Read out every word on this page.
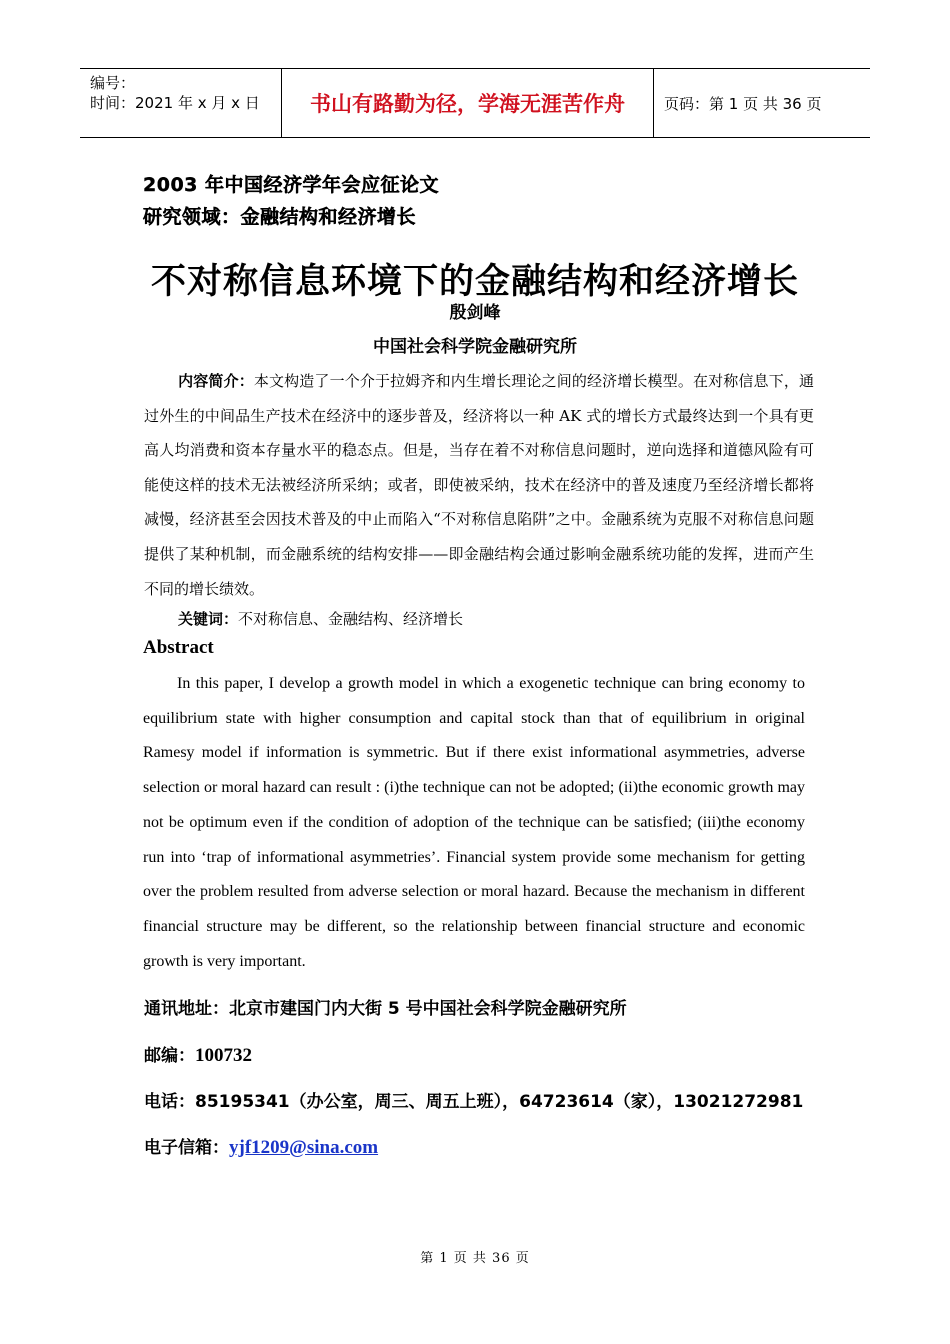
编号：
时间：2021 年 x 月 x 日	书山有路勤为径，学海无涯苦作舟	页码：第 1 页 共 36 页
2003 年中国经济学年会应征论文
研究领域：金融结构和经济增长
不对称信息环境下的金融结构和经济增长
殷剑峰
中国社会科学院金融研究所
内容简介：本文构造了一个介于拉姆齐和内生增长理论之间的经济增长模型。在对称信息下，通过外生的中间品生产技术在经济中的逐步普及，经济将以一种 AK 式的增长方式最终达到一个具有更高人均消费和资本存量水平的稳态点。但是，当存在着不对称信息问题时，逆向选择和道德风险有可能使这样的技术无法被经济所采纳；或者，即使被采纳，技术在经济中的普及速度乃至经济增长都将减慢，经济甚至会因技术普及的中止而陷入“不对称信息陷阱”之中。金融系统为克服不对称信息问题提供了某种机制，而金融系统的结构安排——即金融结构会通过影响金融系统功能的发挥，进而产生不同的增长绩效。
关键词：不对称信息、金融结构、经济增长
Abstract
In this paper, I develop a growth model in which a exogenetic technique can bring economy to equilibrium state with higher consumption and capital stock than that of equilibrium in original Ramesy model if information is symmetric. But if there exist informational asymmetries, adverse selection or moral hazard can result : (i)the technique can not be adopted; (ii)the economic growth may not be optimum even if the condition of adoption of the technique can be satisfied; (iii)the economy run into ‘trap of informational asymmetries’. Financial system provide some mechanism for getting over the problem resulted from adverse selection or moral hazard. Because the mechanism in different financial structure may be different, so the relationship between financial structure and economic growth is very important.
通讯地址：北京市建国门内大街 5 号中国社会科学院金融研究所
邮编：100732
电话：85195341（办公室，周三、周五上班），64723614（家），13021272981
电子信箱：yjf1209@sina.com
第 1 页 共 36 页
